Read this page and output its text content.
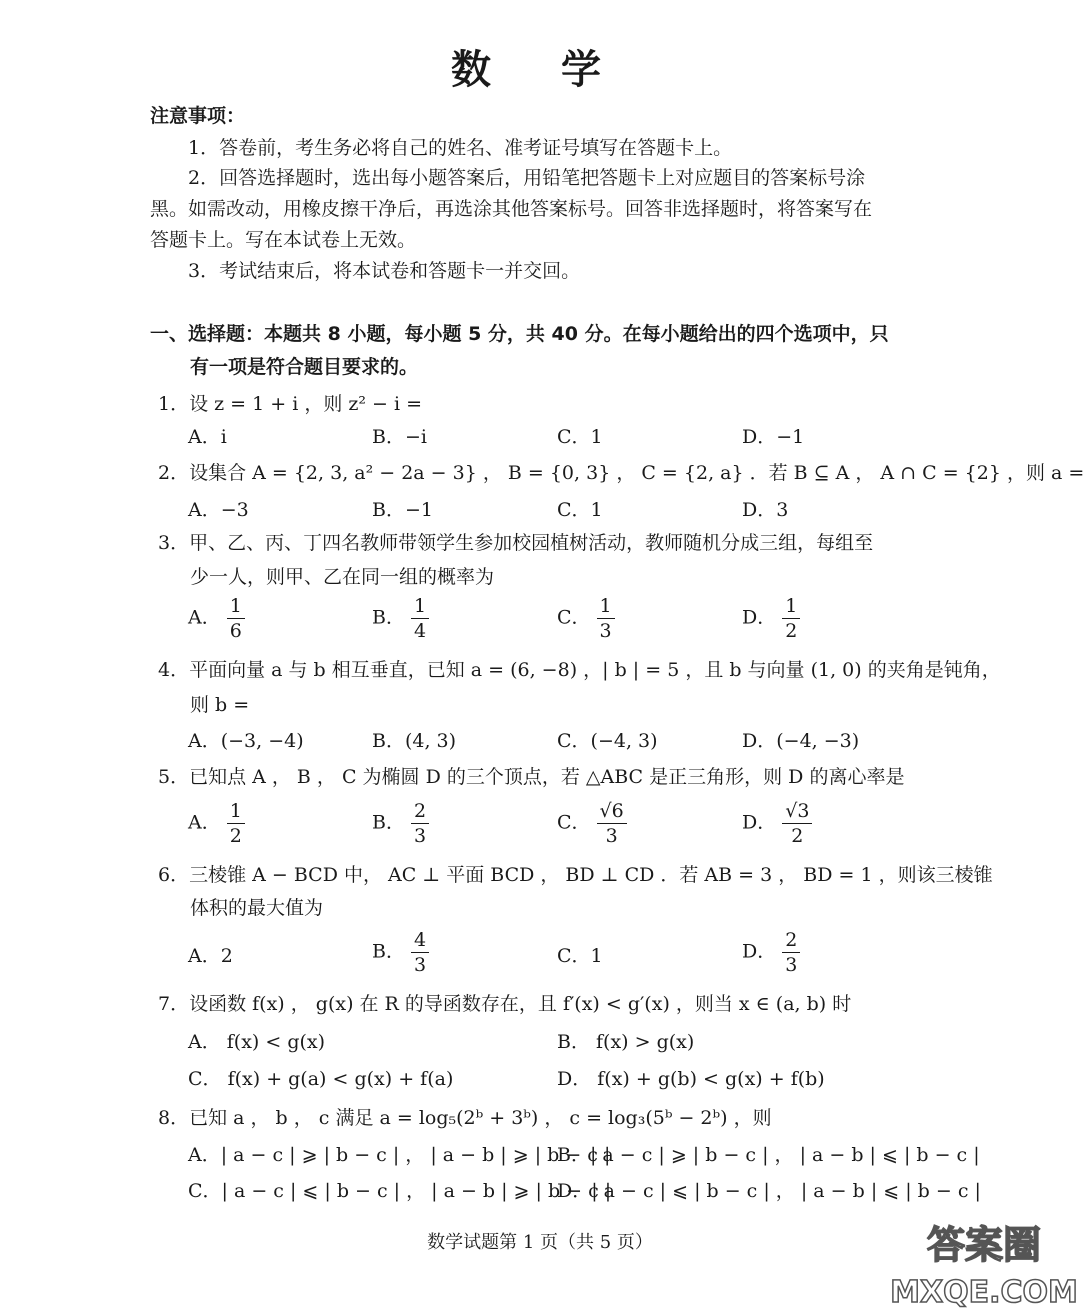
数 学
注意事项：
1．答卷前，考生务必将自己的姓名、准考证号填写在答题卡上。
2．回答选择题时，选出每小题答案后，用铅笔把答题卡上对应题目的答案标号涂
黑。如需改动，用橡皮擦干净后，再选涂其他答案标号。回答非选择题时，将答案写在
答题卡上。写在本试卷上无效。
3．考试结束后，将本试卷和答题卡一并交回。
一、选择题：本题共 8 小题，每小题 5 分，共 40 分。在每小题给出的四个选项中，只
有一项是符合题目要求的。
1．设 z = 1 + i ，则 z² − i =
A．i	B．−i	C．1	D．−1
2．设集合 A = {2, 3, a² − 2a − 3} ， B = {0, 3} ， C = {2, a} ．若 B ⊆ A ， A ∩ C = {2} ，则 a =
A．−3	B．−1	C．1	D．3
3．甲、乙、丙、丁四名教师带领学生参加校园植树活动，教师随机分成三组，每组至
少一人，则甲、乙在同一组的概率为
A． $\frac{1}{6}$	B． $\frac{1}{4}$	C． $\frac{1}{3}$	D． $\frac{1}{2}$
4．平面向量 a 与 b 相互垂直，已知 a = (6, −8) ，| b | = 5 ，且 b 与向量 (1, 0) 的夹角是钝角，
则 b =
A．(−3, −4)	B．(4, 3)	C．(−4, 3)	D．(−4, −3)
5．已知点 A ， B ， C 为椭圆 D 的三个顶点，若 △ABC 是正三角形，则 D 的离心率是
A． $\frac{1}{2}$	B． $\frac{2}{3}$	C． $\frac{√6}{3}$	D． $\frac{√3}{2}$
6．三棱锥 A − BCD 中， AC ⊥ 平面 BCD ， BD ⊥ CD ．若 AB = 3 ， BD = 1 ，则该三棱锥
体积的最大值为
A．2	B． $\frac{4}{3}$	C．1	D． $\frac{2}{3}$
7．设函数 f(x) ， g(x) 在 R 的导函数存在，且 f′(x) < g′(x) ，则当 x ∈ (a, b) 时
A． f(x) < g(x)	B． f(x) > g(x)
C． f(x) + g(a) < g(x) + f(a)	D． f(x) + g(b) < g(x) + f(b)
8．已知 a ， b ， c 满足 a = log₅(2ᵇ + 3ᵇ) ， c = log₃(5ᵇ − 2ᵇ) ，则
A．| a − c | ⩾ | b − c | ， | a − b | ⩾ | b − c |
B．| a − c | ⩾ | b − c | ， | a − b | ⩽ | b − c |
C．| a − c | ⩽ | b − c | ， | a − b | ⩾ | b − c |
D．| a − c | ⩽ | b − c | ， | a − b | ⩽ | b − c |
数学试题第 1 页（共 5 页）	答案圈
MXQE.COM
